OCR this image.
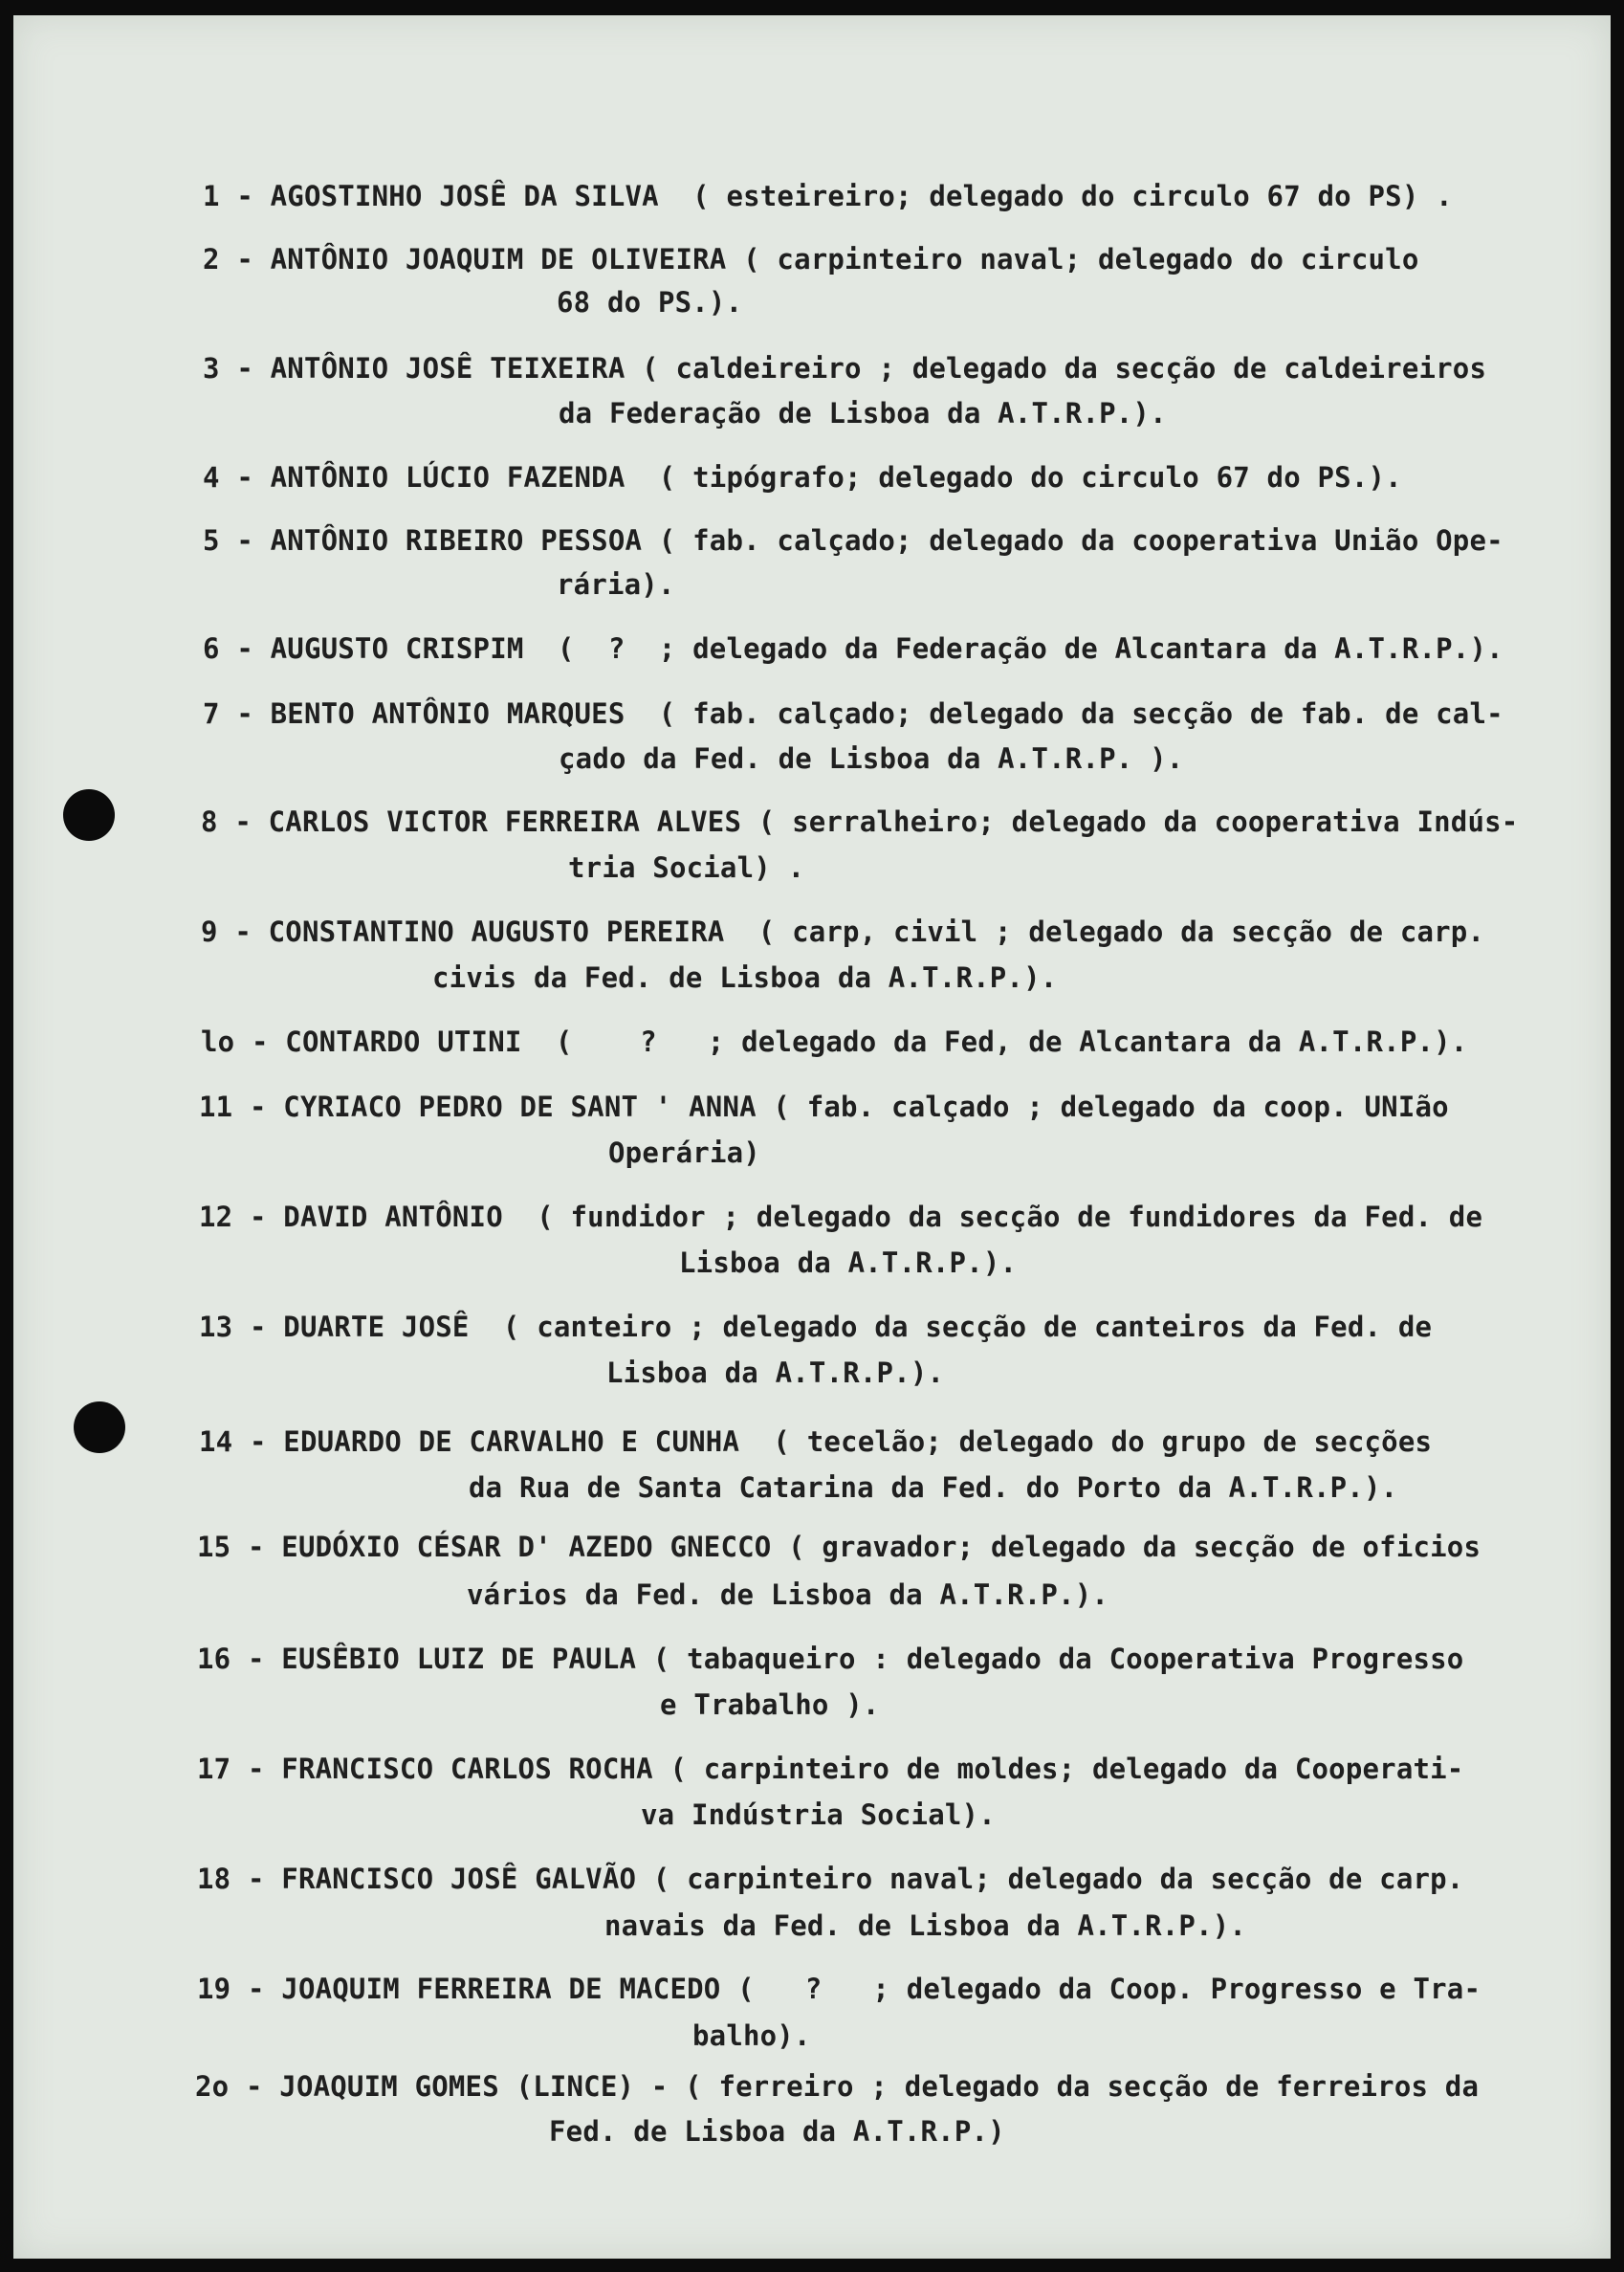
1 - AGOSTINHO JOSÊ DA SILVA  ( esteireiro; delegado do circulo 67 do PS) .
2 - ANTÔNIO JOAQUIM DE OLIVEIRA ( carpinteiro naval; delegado do circulo
68 do PS.).
3 - ANTÔNIO JOSÊ TEIXEIRA ( caldeireiro ; delegado da secção de caldeireiros
da Federação de Lisboa da A.T.R.P.).
4 - ANTÔNIO LÚCIO FAZENDA  ( tipógrafo; delegado do circulo 67 do PS.).
5 - ANTÔNIO RIBEIRO PESSOA ( fab. calçado; delegado da cooperativa União Ope-
rária).
6 - AUGUSTO CRISPIM  (  ?  ; delegado da Federação de Alcantara da A.T.R.P.).
7 - BENTO ANTÔNIO MARQUES  ( fab. calçado; delegado da secção de fab. de cal-
çado da Fed. de Lisboa da A.T.R.P. ).
8 - CARLOS VICTOR FERREIRA ALVES ( serralheiro; delegado da cooperativa Indús-
tria Social) .
9 - CONSTANTINO AUGUSTO PEREIRA  ( carp, civil ; delegado da secção de carp.
civis da Fed. de Lisboa da A.T.R.P.).
lo - CONTARDO UTINI  (    ?   ; delegado da Fed, de Alcantara da A.T.R.P.).
11 - CYRIACO PEDRO DE SANT ' ANNA ( fab. calçado ; delegado da coop. UNIão
Operária)
12 - DAVID ANTÔNIO  ( fundidor ; delegado da secção de fundidores da Fed. de
Lisboa da A.T.R.P.).
13 - DUARTE JOSÊ  ( canteiro ; delegado da secção de canteiros da Fed. de
Lisboa da A.T.R.P.).
14 - EDUARDO DE CARVALHO E CUNHA  ( tecelão; delegado do grupo de secções
da Rua de Santa Catarina da Fed. do Porto da A.T.R.P.).
15 - EUDÓXIO CÉSAR D' AZEDO GNECCO ( gravador; delegado da secção de oficios
vários da Fed. de Lisboa da A.T.R.P.).
16 - EUSÊBIO LUIZ DE PAULA ( tabaqueiro : delegado da Cooperativa Progresso
e Trabalho ).
17 - FRANCISCO CARLOS ROCHA ( carpinteiro de moldes; delegado da Cooperati-
va Indústria Social).
18 - FRANCISCO JOSÊ GALVÃO ( carpinteiro naval; delegado da secção de carp.
navais da Fed. de Lisboa da A.T.R.P.).
19 - JOAQUIM FERREIRA DE MACEDO (   ?   ; delegado da Coop. Progresso e Tra-
balho).
2o - JOAQUIM GOMES (LINCE) - ( ferreiro ; delegado da secção de ferreiros da
Fed. de Lisboa da A.T.R.P.)
